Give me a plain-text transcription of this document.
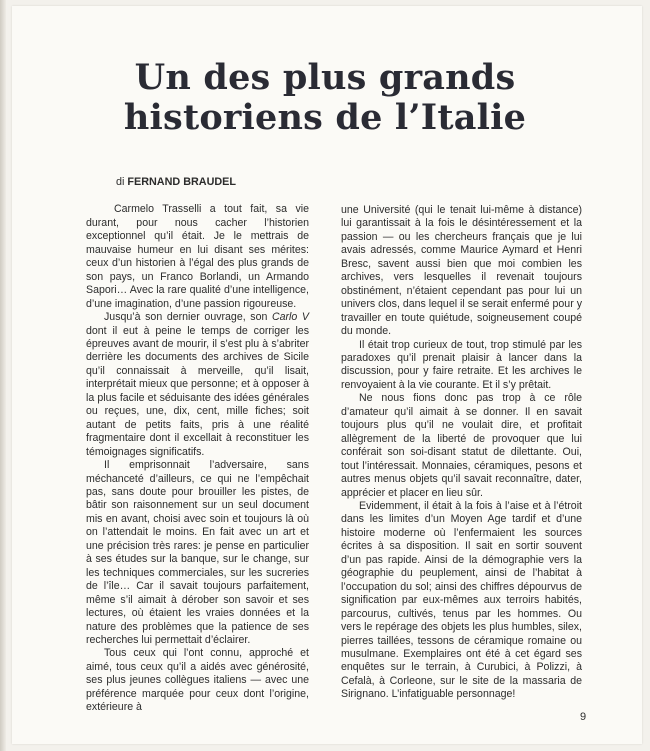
Un des plus grands
historiens de l’Italie
di FERNAND BRAUDEL

Carmelo Trasselli a tout fait, sa vie durant, pour nous cacher l’historien exceptionnel qu’il était. Je le mettrais de mauvaise humeur en lui disant ses mérites: ceux d’un historien à l’égal des plus grands de son pays, un Franco Borlandi, un Armando Sapori… Avec la rare qualité d’une intelligence, d’une imagination, d’une passion rigoureuse.

Jusqu’à son dernier ouvrage, son Carlo V dont il eut à peine le temps de corriger les épreuves avant de mourir, il s’est plu à s’abriter derrière les documents des archives de Sicile qu’il connaissait à merveille, qu’il lisait, interprétait mieux que personne; et à opposer à la plus facile et séduisante des idées générales ou reçues, une, dix, cent, mille fiches; soit autant de petits faits, pris à une réalité fragmentaire dont il excellait à reconstituer les témoignages significatifs.

Il emprisonnait l’adversaire, sans méchanceté d’ailleurs, ce qui ne l’empêchait pas, sans doute pour brouiller les pistes, de bâtir son raisonnement sur un seul document mis en avant, choisi avec soin et toujours là où on l’attendait le moins. En fait avec un art et une précision très rares: je pense en particulier à ses études sur la banque, sur le change, sur les techniques commerciales, sur les sucreries de l’île… Car il savait toujours parfaitement, même s’il aimait à dérober son savoir et ses lectures, où étaient les vraies données et la nature des problèmes que la patience de ses recherches lui permettait d’éclairer.

Tous ceux qui l’ont connu, approché et aimé, tous ceux qu’il a aidés avec générosité, ses plus jeunes collègues italiens — avec une préférence marquée pour ceux dont l’origine, extérieure à

une Université (qui le tenait lui-même à distance) lui garantissait à la fois le désintéressement et la passion — ou les chercheurs français que je lui avais adressés, comme Maurice Aymard et Henri Bresc, savent aussi bien que moi combien les archives, vers lesquelles il revenait toujours obstinément, n’étaient cependant pas pour lui un univers clos, dans lequel il se serait enfermé pour y travailler en toute quiétude, soigneusement coupé du monde.

Il était trop curieux de tout, trop stimulé par les paradoxes qu’il prenait plaisir à lancer dans la discussion, pour y faire retraite. Et les archives le renvoyaient à la vie courante. Et il s’y prêtait.

Ne nous fions donc pas trop à ce rôle d’amateur qu’il aimait à se donner. Il en savait toujours plus qu’il ne voulait dire, et profitait allègrement de la liberté de provoquer que lui conférait son soi-disant statut de dilettante. Oui, tout l’intéressait. Monnaies, céramiques, pesons et autres menus objets qu’il savait reconnaître, dater, apprécier et placer en lieu sûr.

Evidemment, il était à la fois à l’aise et à l’étroit dans les limites d’un Moyen Age tardif et d’une histoire moderne où l’enfermaient les sources écrites à sa disposition. Il sait en sortir souvent d’un pas rapide. Ainsi de la démographie vers la géographie du peuplement, ainsi de l’habitat à l’occupation du sol; ainsi des chiffres dépourvus de signification par eux-mêmes aux terroirs habités, parcourus, cultivés, tenus par les hommes. Ou vers le repérage des objets les plus humbles, silex, pierres taillées, tessons de céramique romaine ou musulmane. Exemplaires ont été à cet égard ses enquêtes sur le terrain, à Curubici, à Polizzi, à Cefalà, à Corleone, sur le site de la massaria de Sirignano. L’infatiguable personnage!

9
